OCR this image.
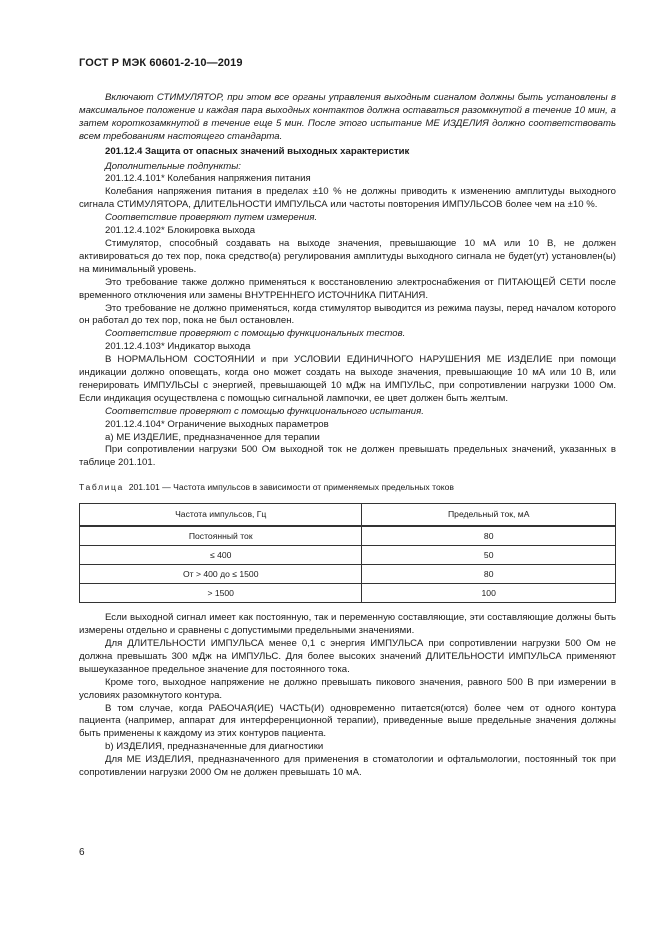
ГОСТ Р МЭК 60601-2-10—2019

Включают СТИМУЛЯТОР, при этом все органы управления выходным сигналом должны быть установлены в максимальное положение и каждая пара выходных контактов должна оставаться разомкнутой в течение 10 мин, а затем короткозамкнутой в течение еще 5 мин. После этого испытание МЕ ИЗДЕЛИЯ должно соответствовать всем требованиям настоящего стандарта.

201.12.4 Защита от опасных значений выходных характеристик

Дополнительные подпункты:

201.12.4.101* Колебания напряжения питания

Колебания напряжения питания в пределах ±10 % не должны приводить к изменению амплитуды выходного сигнала СТИМУЛЯТОРА, ДЛИТЕЛЬНОСТИ ИМПУЛЬСА или частоты повторения ИМПУЛЬСОВ более чем на ±10 %.

Соответствие проверяют путем измерения.

201.12.4.102* Блокировка выхода

Стимулятор, способный создавать на выходе значения, превышающие 10 мА или 10 В, не должен активироваться до тех пор, пока средство(а) регулирования амплитуды выходного сигнала не будет(ут) установлен(ы) на минимальный уровень.

Это требование также должно применяться к восстановлению электроснабжения от ПИТАЮЩЕЙ СЕТИ после временного отключения или замены ВНУТРЕННЕГО ИСТОЧНИКА ПИТАНИЯ.

Это требование не должно применяться, когда стимулятор выводится из режима паузы, перед началом которого он работал до тех пор, пока не был остановлен.

Соответствие проверяют с помощью функциональных тестов.

201.12.4.103* Индикатор выхода

В НОРМАЛЬНОМ СОСТОЯНИИ и при УСЛОВИИ ЕДИНИЧНОГО НАРУШЕНИЯ МЕ ИЗДЕЛИЕ при помощи индикации должно оповещать, когда оно может создать на выходе значения, превышающие 10 мА или 10 В, или генерировать ИМПУЛЬСЫ с энергией, превышающей 10 мДж на ИМПУЛЬС, при сопротивлении нагрузки 1000 Ом. Если индикация осуществлена с помощью сигнальной лампочки, ее цвет должен быть желтым.

Соответствие проверяют с помощью функционального испытания.

201.12.4.104* Ограничение выходных параметров

a) МЕ ИЗДЕЛИЕ, предназначенное для терапии

При сопротивлении нагрузки 500 Ом выходной ток не должен превышать предельных значений, указанных в таблице 201.101.

Таблица 201.101 — Частота импульсов в зависимости от применяемых предельных токов

Частота импульсов, Гц	Предельный ток, мА
Постоянный ток	80
≤ 400	50
От > 400 до ≤ 1500	80
> 1500	100

Если выходной сигнал имеет как постоянную, так и переменную составляющие, эти составляющие должны быть измерены отдельно и сравнены с допустимыми предельными значениями.

Для ДЛИТЕЛЬНОСТИ ИМПУЛЬСА менее 0,1 с энергия ИМПУЛЬСА при сопротивлении нагрузки 500 Ом не должна превышать 300 мДж на ИМПУЛЬС. Для более высоких значений ДЛИТЕЛЬНОСТИ ИМПУЛЬСА применяют вышеуказанное предельное значение для постоянного тока.

Кроме того, выходное напряжение не должно превышать пикового значения, равного 500 В при измерении в условиях разомкнутого контура.

В том случае, когда РАБОЧАЯ(ИЕ) ЧАСТЬ(И) одновременно питается(ются) более чем от одного контура пациента (например, аппарат для интерференционной терапии), приведенные выше предельные значения должны быть применены к каждому из этих контуров пациента.

b) ИЗДЕЛИЯ, предназначенные для диагностики

Для МЕ ИЗДЕЛИЯ, предназначенного для применения в стоматологии и офтальмологии, постоянный ток при сопротивлении нагрузки 2000 Ом не должен превышать 10 мА.

6
